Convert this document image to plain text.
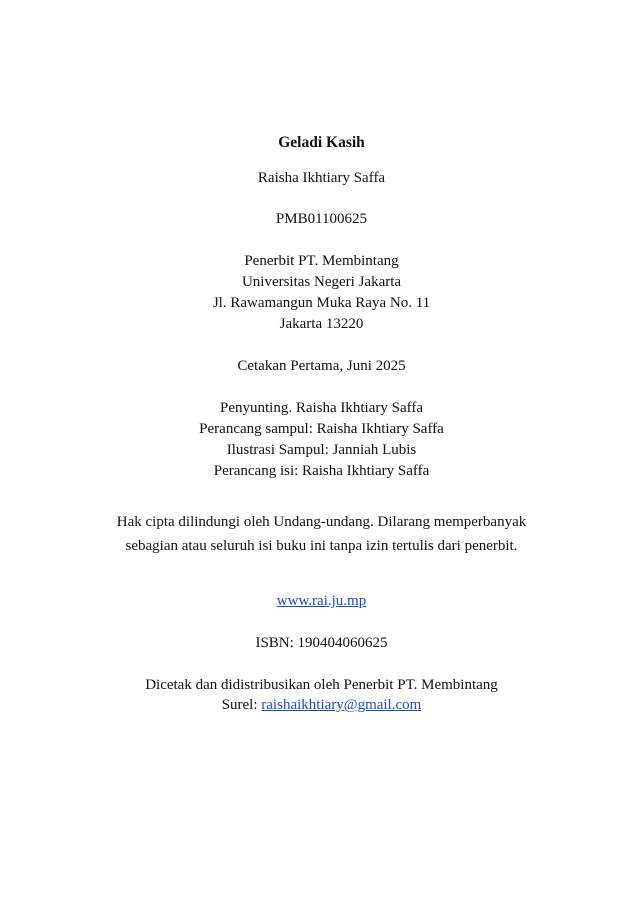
Geladi Kasih
Raisha Ikhtiary Saffa
PMB01100625
Penerbit PT. Membintang
Universitas Negeri Jakarta
Jl. Rawamangun Muka Raya No. 11
Jakarta 13220
Cetakan Pertama, Juni 2025
Penyunting. Raisha Ikhtiary Saffa
Perancang sampul: Raisha Ikhtiary Saffa
Ilustrasi Sampul: Janniah Lubis
Perancang isi: Raisha Ikhtiary Saffa
Hak cipta dilindungi oleh Undang-undang. Dilarang memperbanyak
sebagian atau seluruh isi buku ini tanpa izin tertulis dari penerbit.
www.rai.ju.mp
ISBN: 190404060625
Dicetak dan didistribusikan oleh Penerbit PT. Membintang
Surel: raishaikhtiary@gmail.com
